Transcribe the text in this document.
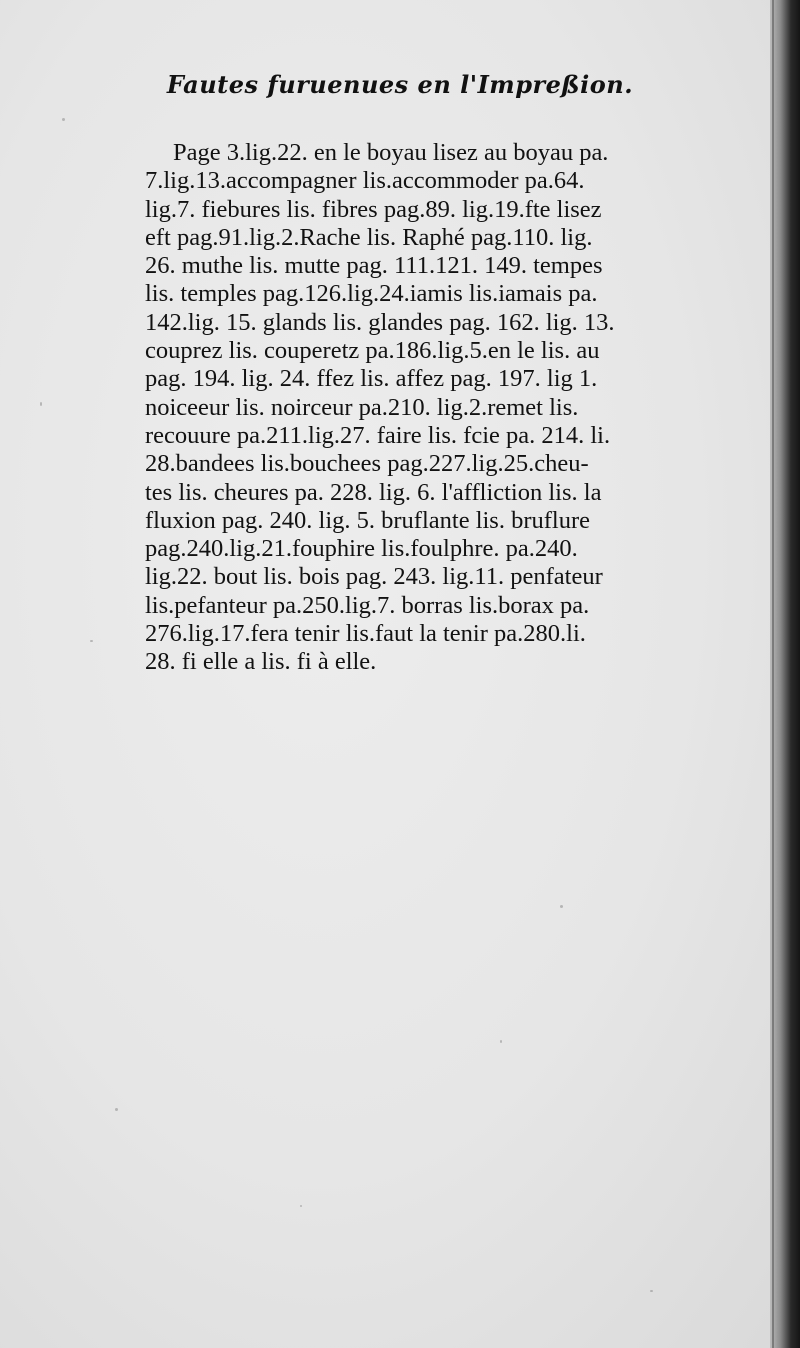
Fautes furuenues en l'Impreßion.
Page 3.lig.22. en le boyau lisez au boyau pa.
7.lig.13.accompagner lis.accommoder pa.64.
lig.7. fiebures lis. fibres pag.89. lig.19.fte lisez
eft pag.91.lig.2.Rache lis. Raphé pag.110. lig.
26. muthe lis. mutte pag. 111.121. 149. tempes
lis. temples pag.126.lig.24.iamis lis.iamais pa.
142.lig. 15. glands lis. glandes pag. 162. lig. 13.
couprez lis. couperetz pa.186.lig.5.en le lis. au
pag. 194. lig. 24. ffez lis. affez pag. 197. lig 1.
noiceeur lis. noirceur pa.210. lig.2.remet lis.
recouure pa.211.lig.27. faire lis. fcie pa. 214. li.
28.bandees lis.bouchees pag.227.lig.25.cheu-
tes lis. cheures pa. 228. lig. 6. l'affliction lis. la
fluxion pag. 240. lig. 5. bruflante lis. bruflure
pag.240.lig.21.fouphire lis.foulphre. pa.240.
lig.22. bout lis. bois pag. 243. lig.11. penfateur
lis.pefanteur pa.250.lig.7. borras lis.borax pa.
276.lig.17.fera tenir lis.faut la tenir pa.280.li.
28. fi elle a lis. fi à elle.
